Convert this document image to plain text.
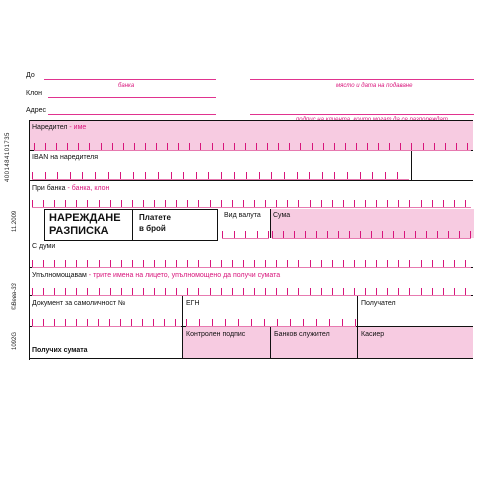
До
банка	място и дата на подаване
Клон
Адрес
4001484101735
11.2009
©Вева-33
1092G
Наредител - име
IBAN на наредителя
При банка - банка, клон
НАРЕЖДАНЕ
РАЗПИСКА
Платете
в брой
Вид валута Сума
С думи
Упълномощавам - трите имена на лицето, упълномощено да получи сумата
Документ за самоличност №	ЕГН	Получател
Получих сумата
Контролен подпис	Банков служител	Касиер
